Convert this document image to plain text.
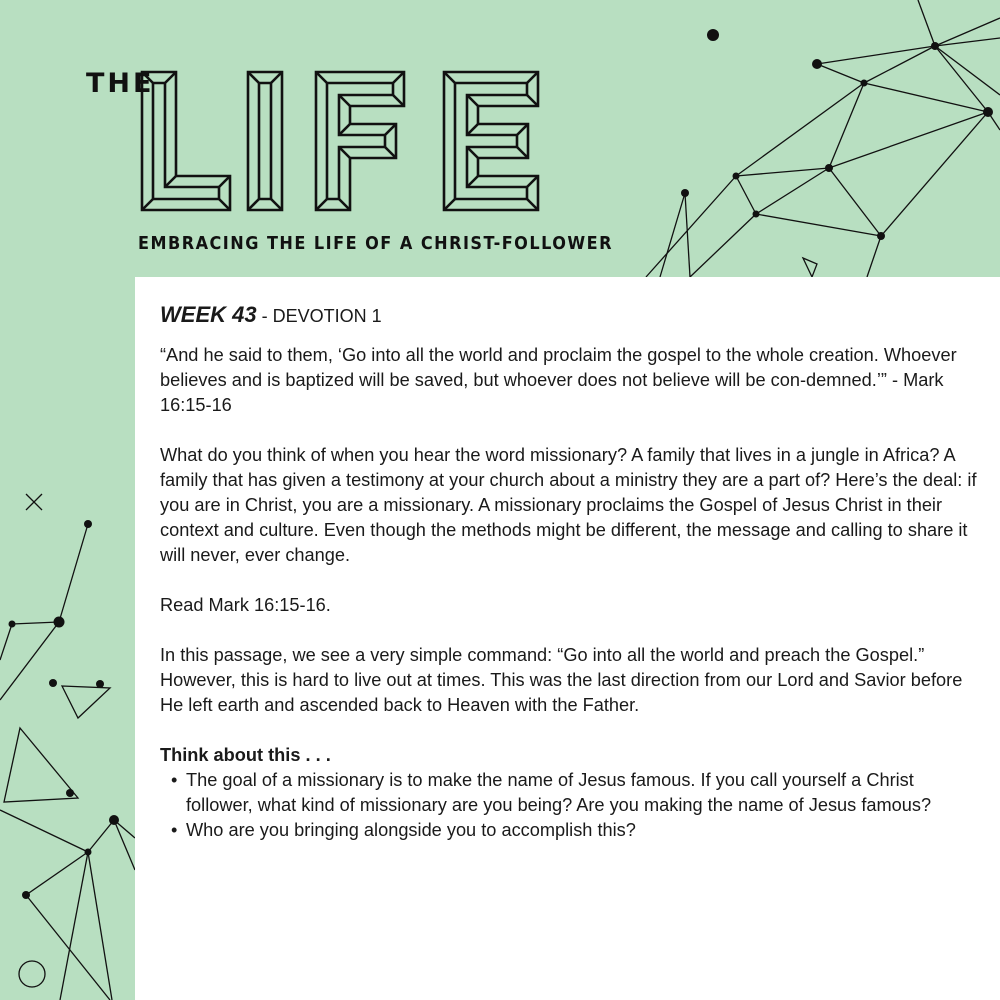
THE
EMBRACING THE LIFE OF A CHRIST-FOLLOWER
WEEK 43 - DEVOTION 1

“And he said to them, ‘Go into all the world and proclaim the gospel to the whole creation. Whoever believes and is baptized will be saved, but whoever does not believe will be con-demned.’” - Mark 16:15-16

What do you think of when you hear the word missionary? A family that lives in a jungle in Africa? A family that has given a testimony at your church about a ministry they are a part of? Here’s the deal: if you are in Christ, you are a missionary. A missionary proclaims the Gospel of Jesus Christ in their context and culture. Even though the methods might be different, the message and calling to share it will never, ever change.

Read Mark 16:15-16.

In this passage, we see a very simple command: “Go into all the world and preach the Gospel.” However, this is hard to live out at times. This was the last direction from our Lord and Savior before He left earth and ascended back to Heaven with the Father.

Think about this . . .
• The goal of a missionary is to make the name of Jesus famous. If you call yourself a Christ follower, what kind of missionary are you being? Are you making the name of Jesus famous?
• Who are you bringing alongside you to accomplish this?
